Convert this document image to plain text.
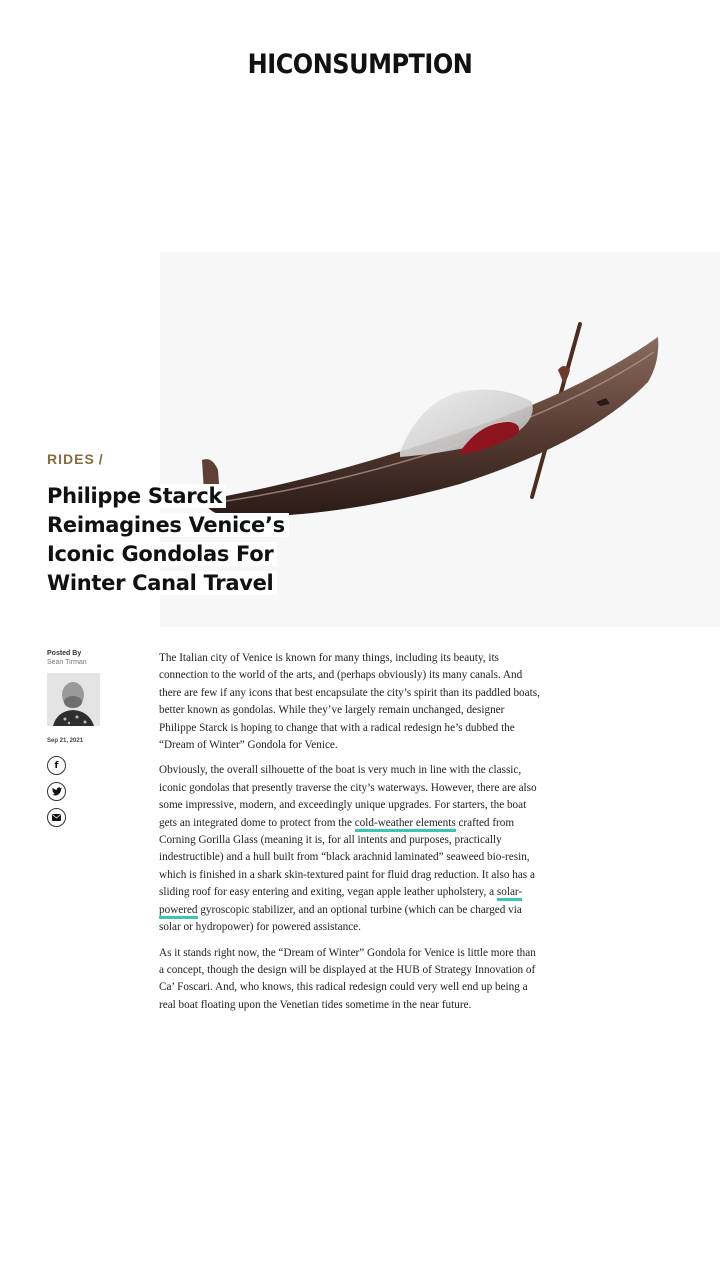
HICONSUMPTION
RIDES /
Philippe Starck
Reimagines Venice’s
Iconic Gondolas For
Winter Canal Travel
Posted By
Sean Tirman
Sep 21, 2021
f

The Italian city of Venice is known for many things, including its beauty, its connection to the world of the arts, and (perhaps obviously) its many canals. And there are few if any icons that best encapsulate the city’s spirit than its paddled boats, better known as gondolas. While they’ve largely remain unchanged, designer Philippe Starck is hoping to change that with a radical redesign he’s dubbed the “Dream of Winter” Gondola for Venice.

Obviously, the overall silhouette of the boat is very much in line with the classic, iconic gondolas that presently traverse the city’s waterways. However, there are also some impressive, modern, and exceedingly unique upgrades. For starters, the boat gets an integrated dome to protect from the cold-weather elements crafted from Corning Gorilla Glass (meaning it is, for all intents and purposes, practically indestructible) and a hull built from “black arachnid laminated” seaweed bio-resin, which is finished in a shark skin-textured paint for fluid drag reduction. It also has a sliding roof for easy entering and exiting, vegan apple leather upholstery, a solar-powered gyroscopic stabilizer, and an optional turbine (which can be charged via solar or hydropower) for powered assistance.

As it stands right now, the “Dream of Winter” Gondola for Venice is little more than a concept, though the design will be displayed at the HUB of Strategy Innovation of Ca’ Foscari. And, who knows, this radical redesign could very well end up being a real boat floating upon the Venetian tides sometime in the near future.
